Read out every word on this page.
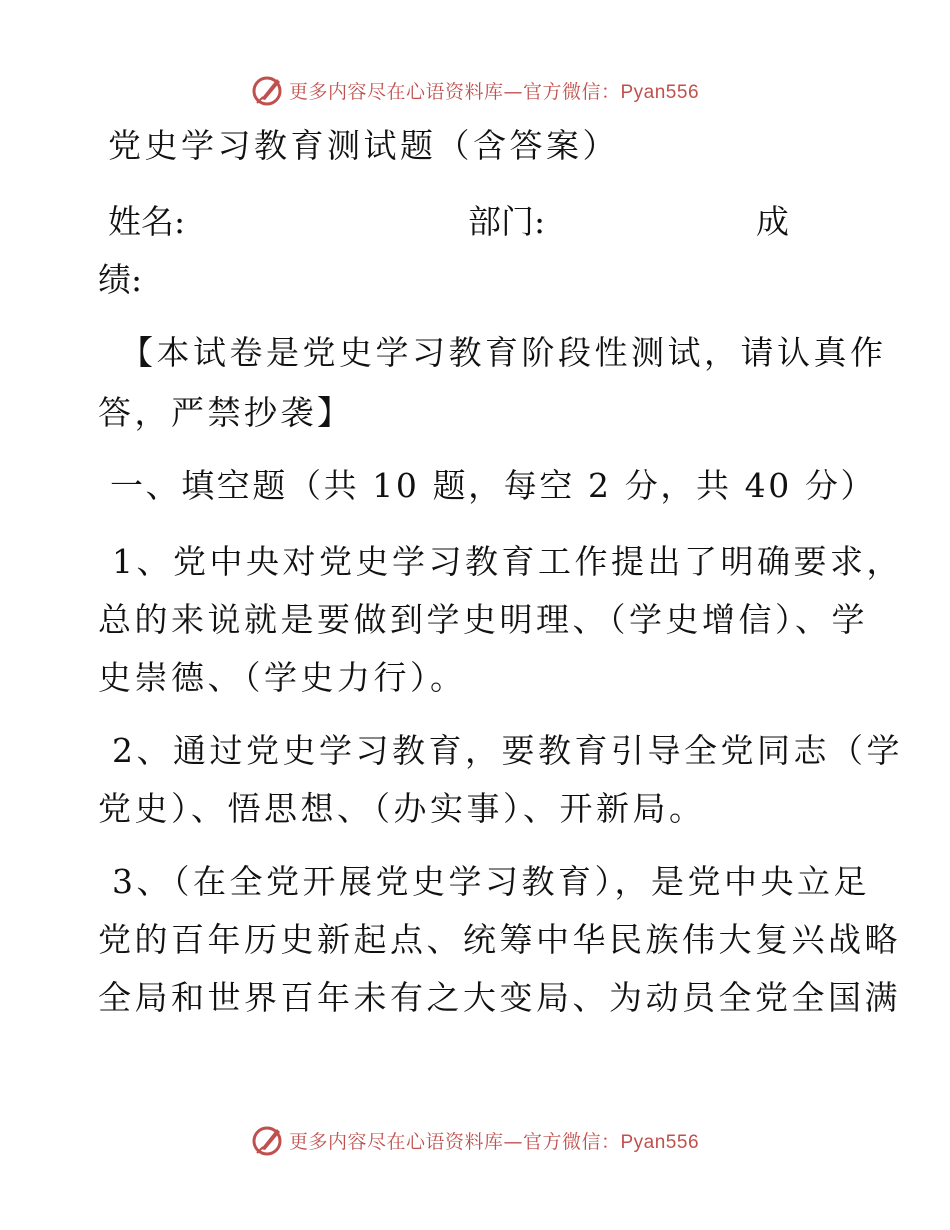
更多内容尽在心语资料库—官方微信：Pyan556
党史学习教育测试题（含答案）
姓名:	部门:	成
绩:
【本试卷是党史学习教育阶段性测试，请认真作
答，严禁抄袭】
一、填空题（共 10 题，每空 2 分，共 40 分）
1、党中央对党史学习教育工作提出了明确要求，
总的来说就是要做到学史明理、（学史增信）、学
史崇德、（学史力行）。
2、通过党史学习教育，要教育引导全党同志（学
党史）、悟思想、（办实事）、开新局。
3、（在全党开展党史学习教育），是党中央立足
党的百年历史新起点、统筹中华民族伟大复兴战略
全局和世界百年未有之大变局、为动员全党全国满
更多内容尽在心语资料库—官方微信：Pyan556
